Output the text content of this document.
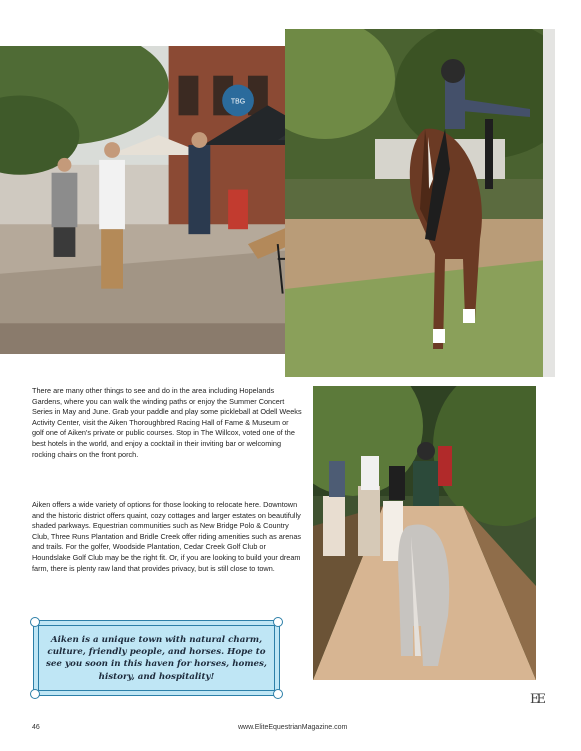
TBG

There are many other things to see and do in the area including Hopelands Gardens, where you can walk the winding paths or enjoy the Summer Concert Series in May and June. Grab your paddle and play some pickleball at Odell Weeks Activity Center, visit the Aiken Thoroughbred Racing Hall of Fame & Museum or golf one of Aiken's private or public courses. Stop in The Willcox, voted one of the best hotels in the world, and enjoy a cocktail in their inviting bar or welcoming rocking chairs on the front porch.

Aiken offers a wide variety of options for those looking to relocate here. Downtown and the historic district offers quaint, cozy cottages and larger estates on beautifully shaded parkways. Equestrian communities such as New Bridge Polo & Country Club, Three Runs Plantation and Bridle Creek offer riding amenities such as arenas and trails. For the golfer, Woodside Plantation, Cedar Creek Golf Club or Houndslake Golf Club may be the right fit. Or, if you are looking to build your dream farm, there is plenty raw land that provides privacy, but is still close to town.

Aiken is a unique town with natural charm, culture, friendly people, and horses. Hope to see you soon in this haven for horses, homes, history, and hospitality!
46	www.EliteEquestrianMagazine.com
EE
